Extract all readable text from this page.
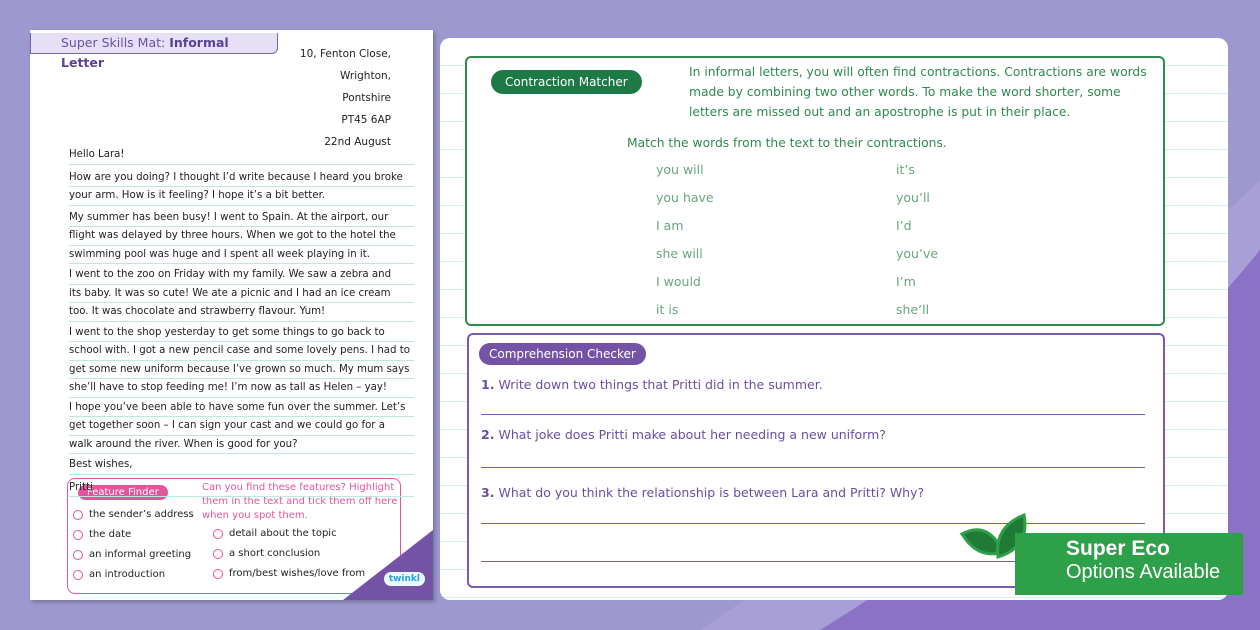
Super Skills Mat: Informal Letter
Feature Finder	Can you find these features? Highlight them in the text and tick them off here when you spot them.
the sender’s address
the date
an informal greeting
an introduction
detail about the topic
a short conclusion
from/best wishes/love from	twinkl
10, Fenton Close,
Wrighton,
Pontshire
PT45 6AP
22nd August
Hello Lara!
How are you doing? I thought I’d write because I heard you broke
your arm. How is it feeling? I hope it’s a bit better.
My summer has been busy! I went to Spain. At the airport, our
flight was delayed by three hours. When we got to the hotel the
swimming pool was huge and I spent all week playing in it.
I went to the zoo on Friday with my family. We saw a zebra and
its baby. It was so cute! We ate a picnic and I had an ice cream
too. It was chocolate and strawberry flavour. Yum!
I went to the shop yesterday to get some things to go back to
school with. I got a new pencil case and some lovely pens. I had to
get some new uniform because I’ve grown so much. My mum says
she’ll have to stop feeding me! I’m now as tall as Helen – yay!
I hope you’ve been able to have some fun over the summer. Let’s
get together soon – I can sign your cast and we could go for a
walk around the river. When is good for you?
Best wishes,
Pritti
Contraction Matcher
In informal letters, you will often find contractions. Contractions are words made by combining two other words. To make the word shorter, some letters are missed out and an apostrophe is put in their place.
Match the words from the text to their contractions.
you will
you have
I am
she will
I would
it is
it’s
you’ll
I’d
you’ve
I’m
she’ll
Comprehension Checker
1. Write down two things that Pritti did in the summer.
2. What joke does Pritti make about her needing a new uniform?
3. What do you think the relationship is between Lara and Pritti? Why?
Super Eco
Options Available
